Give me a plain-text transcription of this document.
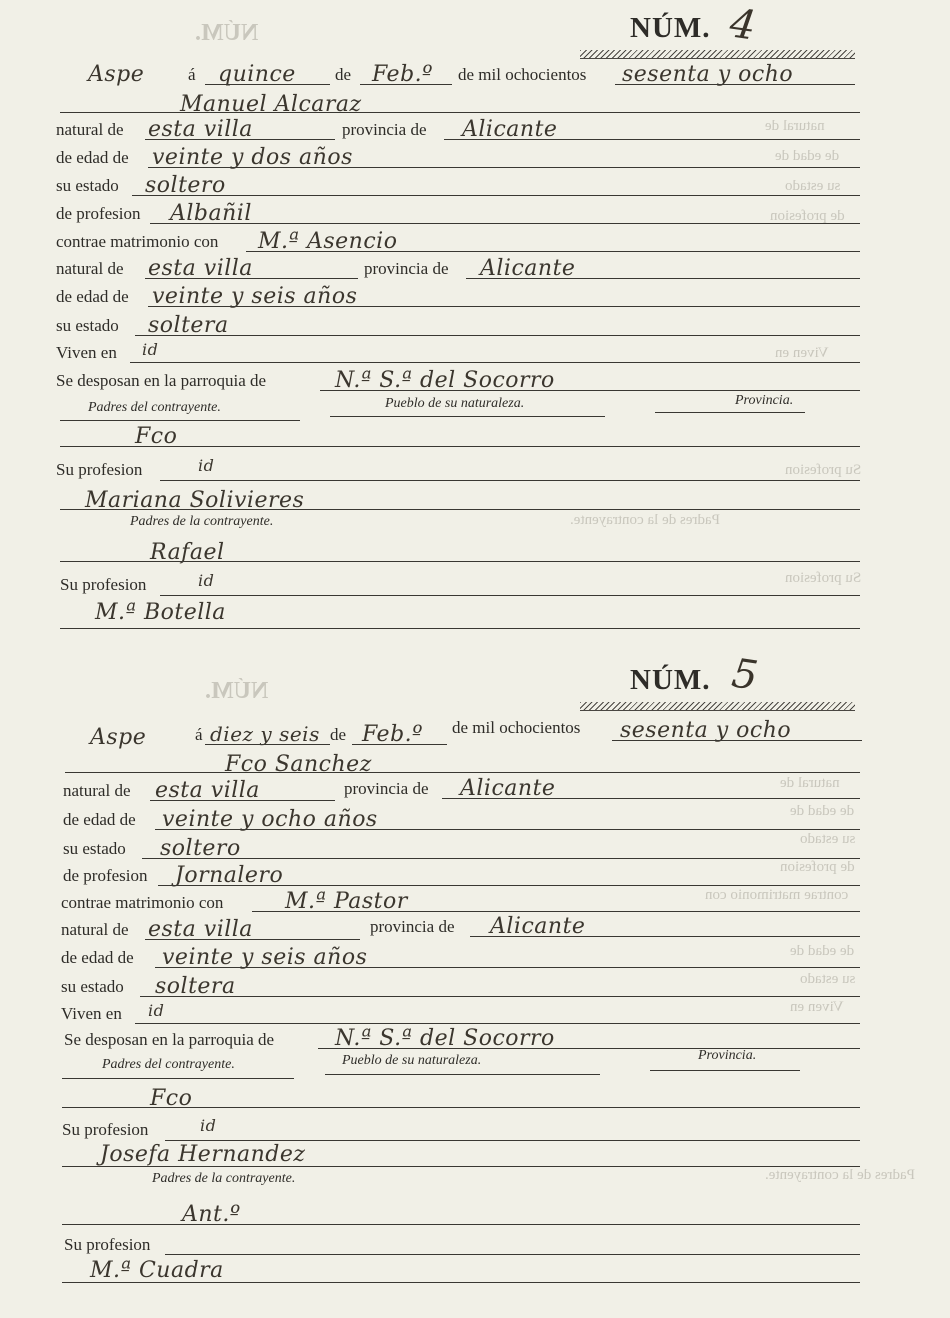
NÚM.
natural de
de edad de
su estado
de profesion
Viven en
Su profesion
Padres de la contrayente.
Su profesion
NÚM.
natural de
de edad de
su estado
de profesion
contrae matrimonio con
de edad de
su estado
Viven en
Padres de la contrayente.
NÚM. 4
Aspe	á quince de Feb.º de mil ochocientos sesenta y ocho
Manuel Alcaraz
natural de esta villa	provincia de Alicante
de edad de veinte y dos años
su estado soltero
de profesion Albañil
contrae matrimonio con M.ª Asencio
natural de esta villa	provincia de Alicante
de edad de veinte y seis años
su estado soltera
Viven en id
Se desposan en la parroquia de	N.ª S.ª del Socorro
Padres del contrayente.	Pueblo de su naturaleza.	Provincia.
Fco
Su profesion	id
Mariana Solivieres
Padres de la contrayente.
Rafael
Su profesion	id
M.ª Botella
NÚM. 5
Aspe	á diez y seis de Feb.º de mil ochocientos sesenta y ocho
Fco Sanchez
natural de esta villa	provincia de Alicante
de edad de veinte y ocho años
su estado soltero
de profesion Jornalero
contrae matrimonio con	M.ª Pastor
natural de esta villa	provincia de Alicante
de edad de veinte y seis años
su estado soltera
Viven en id
Se desposan en la parroquia de	N.ª S.ª del Socorro
Padres del contrayente.	Pueblo de su naturaleza.	Provincia.
Fco
Su profesion	id
Josefa Hernandez
Padres de la contrayente.
Ant.º
Su profesion
M.ª Cuadra
